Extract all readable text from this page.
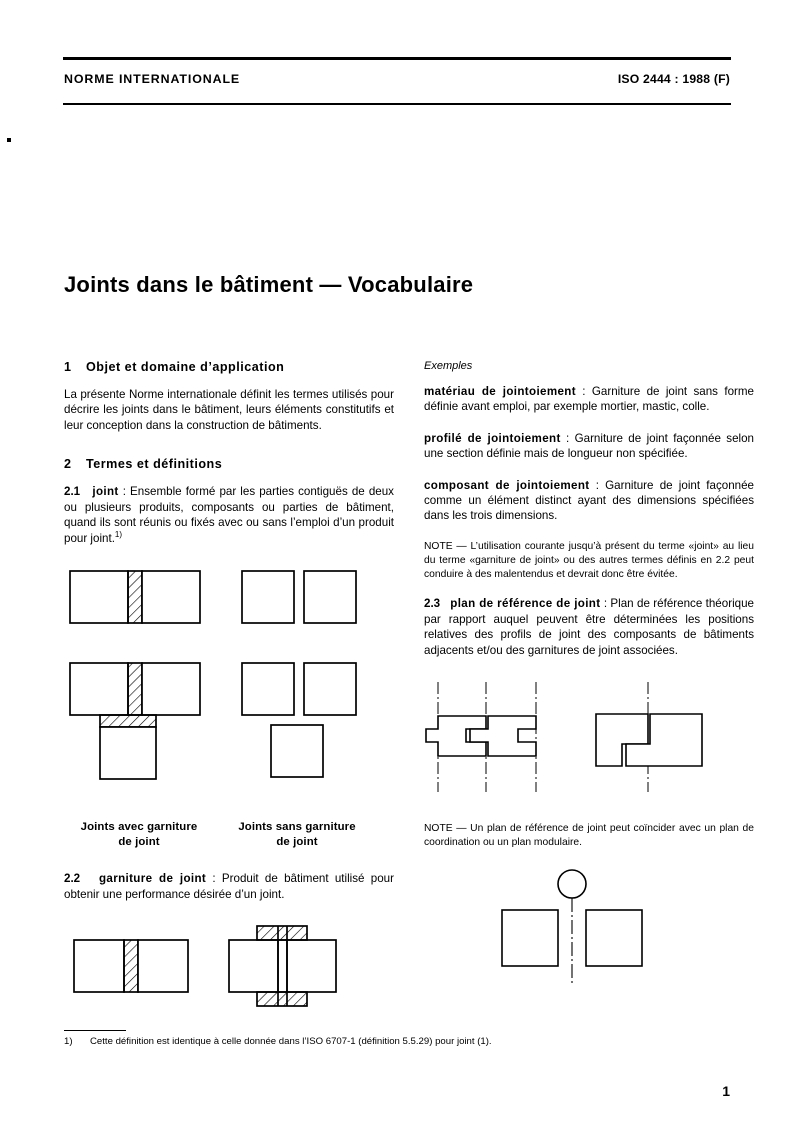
NORME INTERNATIONALE	ISO 2444 : 1988 (F)
Joints dans le bâtiment — Vocabulaire
1 Objet et domaine d’application

La présente Norme internationale définit les termes utilisés pour décrire les joints dans le bâtiment, leurs éléments constitutifs et leur conception dans la construction de bâtiments.

2 Termes et définitions

2.1 joint : Ensemble formé par les parties contiguës de deux ou plusieurs produits, composants ou parties de bâtiment, quand ils sont réunis ou fixés avec ou sans l’emploi d’un produit pour joint.$^{1)}$

Joints avec garniture
de joint
Joints sans garniture
de joint

2.2 garniture de joint : Produit de bâtiment utilisé pour obtenir une performance désirée d’un joint.

Exemples

matériau de jointoiement : Garniture de joint sans forme définie avant emploi, par exemple mortier, mastic, colle.

profilé de jointoiement : Garniture de joint façonnée selon une section définie mais de longueur non spécifiée.

composant de jointoiement : Garniture de joint façonnée comme un élément distinct ayant des dimensions spécifiées dans les trois dimensions.

NOTE — L’utilisation courante jusqu’à présent du terme «joint» au lieu du terme «garniture de joint» ou des autres termes définis en 2.2 peut conduire à des malentendus et devrait donc être évitée.

2.3 plan de référence de joint : Plan de référence théorique par rapport auquel peuvent être déterminées les positions relatives des profils de joint des composants de bâtiments adjacents et/ou des garnitures de joint associées.

NOTE — Un plan de référence de joint peut coïncider avec un plan de coordination ou un plan modulaire.

1) Cette définition est identique à celle donnée dans l’ISO 6707-1 (définition 5.5.29) pour joint (1).
1
